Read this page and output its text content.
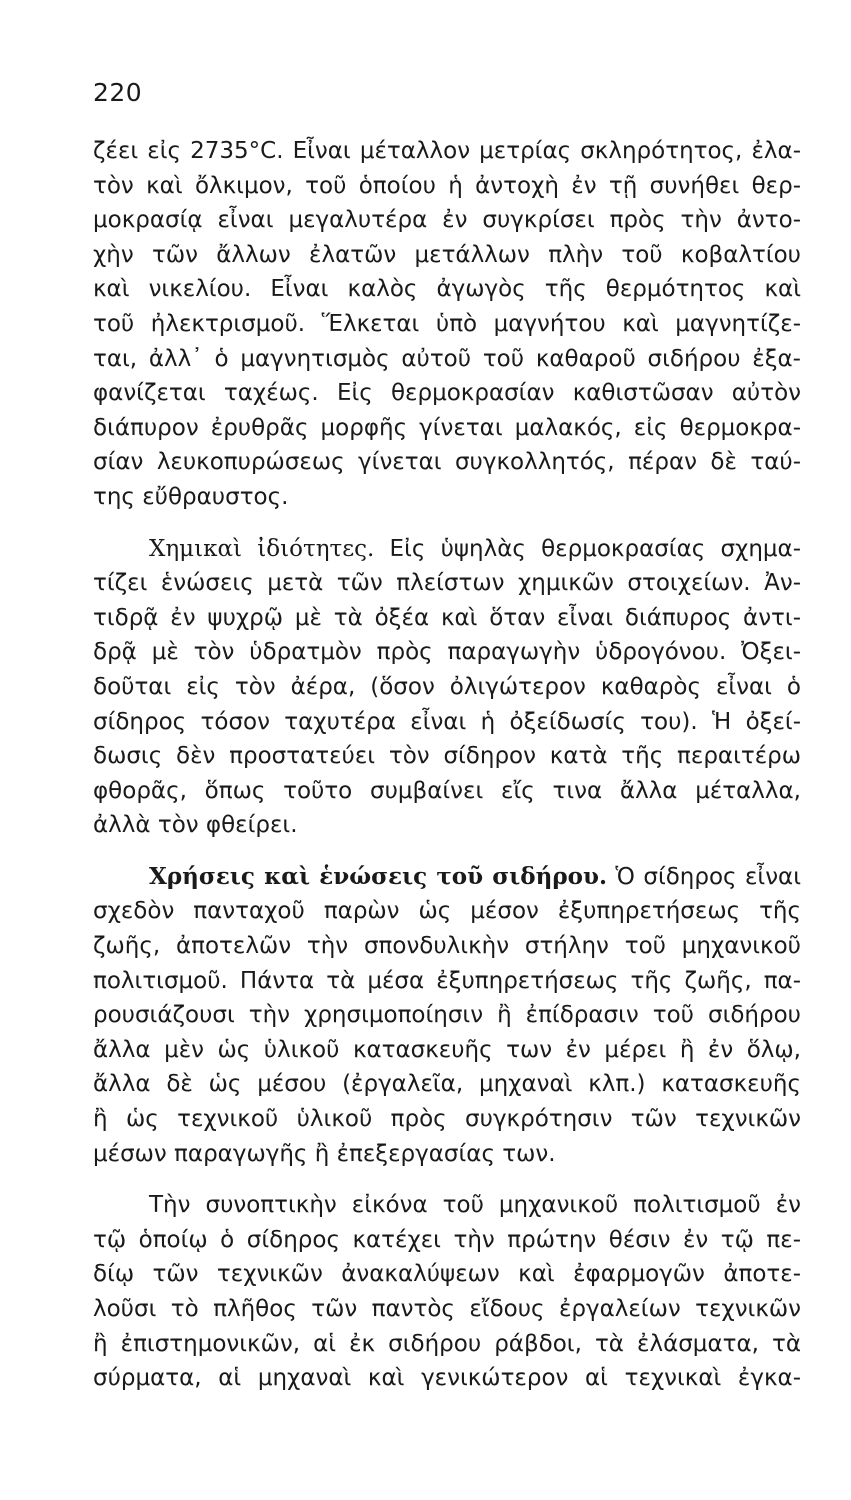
220
ζέει εἰς 2735°C. Εἶναι μέταλλον μετρίας σκληρότητος, ἐλα-
τὸν καὶ ὄλκιμον, τοῦ ὁποίου ἡ ἀντοχὴ ἐν τῇ συνήθει θερ-
μοκρασίᾳ εἶναι μεγαλυτέρα ἐν συγκρίσει πρὸς τὴν ἀντο-
χὴν τῶν ἄλλων ἐλατῶν μετάλλων πλὴν τοῦ κοβαλτίου
καὶ νικελίου. Εἶναι καλὸς ἀγωγὸς τῆς θερμότητος καὶ
τοῦ ἠλεκτρισμοῦ. Ἕλκεται ὑπὸ μαγνήτου καὶ μαγνητίζε-
ται, ἀλλ᾽ ὁ μαγνητισμὸς αὐτοῦ τοῦ καθαροῦ σιδήρου ἐξα-
φανίζεται ταχέως. Εἰς θερμοκρασίαν καθιστῶσαν αὐτὸν
διάπυρον ἐρυθρᾶς μορφῆς γίνεται μαλακός, εἰς θερμοκρα-
σίαν λευκοπυρώσεως γίνεται συγκολλητός, πέραν δὲ ταύ-
της εὔθραυστος.
Χημικαὶ ἰδιότητες. Εἰς ὑψηλὰς θερμοκρασίας σχημα-
τίζει ἑνώσεις μετὰ τῶν πλείστων χημικῶν στοιχείων. Ἀν-
τιδρᾷ ἐν ψυχρῷ μὲ τὰ ὀξέα καὶ ὅταν εἶναι διάπυρος ἀντι-
δρᾷ μὲ τὸν ὑδρατμὸν πρὸς παραγωγὴν ὑδρογόνου. Ὀξει-
δοῦται εἰς τὸν ἀέρα, (ὅσον ὀλιγώτερον καθαρὸς εἶναι ὁ
σίδηρος τόσον ταχυτέρα εἶναι ἡ ὀξείδωσίς του). Ἡ ὀξεί-
δωσις δὲν προστατεύει τὸν σίδηρον κατὰ τῆς περαιτέρω
φθορᾶς, ὅπως τοῦτο συμβαίνει εἴς τινα ἄλλα μέταλλα,
ἀλλὰ τὸν φθείρει.
Χρήσεις καὶ ἑνώσεις τοῦ σιδήρου. Ὁ σίδηρος εἶναι
σχεδὸν πανταχοῦ παρὼν ὡς μέσον ἐξυπηρετήσεως τῆς
ζωῆς, ἀποτελῶν τὴν σπονδυλικὴν στήλην τοῦ μηχανικοῦ
πολιτισμοῦ. Πάντα τὰ μέσα ἐξυπηρετήσεως τῆς ζωῆς, πα-
ρουσιάζουσι τὴν χρησιμοποίησιν ἢ ἐπίδρασιν τοῦ σιδήρου
ἄλλα μὲν ὡς ὑλικοῦ κατασκευῆς των ἐν μέρει ἢ ἐν ὅλῳ,
ἄλλα δὲ ὡς μέσου (ἐργαλεῖα, μηχαναὶ κλπ.) κατασκευῆς
ἢ ὡς τεχνικοῦ ὑλικοῦ πρὸς συγκρότησιν τῶν τεχνικῶν
μέσων παραγωγῆς ἢ ἐπεξεργασίας των.
Τὴν συνοπτικὴν εἰκόνα τοῦ μηχανικοῦ πολιτισμοῦ ἐν
τῷ ὁποίῳ ὁ σίδηρος κατέχει τὴν πρώτην θέσιν ἐν τῷ πε-
δίῳ τῶν τεχνικῶν ἀνακαλύψεων καὶ ἐφαρμογῶν ἀποτε-
λοῦσι τὸ πλῆθος τῶν παντὸς εἴδους ἐργαλείων τεχνικῶν
ἢ ἐπιστημονικῶν, αἱ ἐκ σιδήρου ράβδοι, τὰ ἐλάσματα, τὰ
σύρματα, αἱ μηχαναὶ καὶ γενικώτερον αἱ τεχνικαὶ ἐγκα-
